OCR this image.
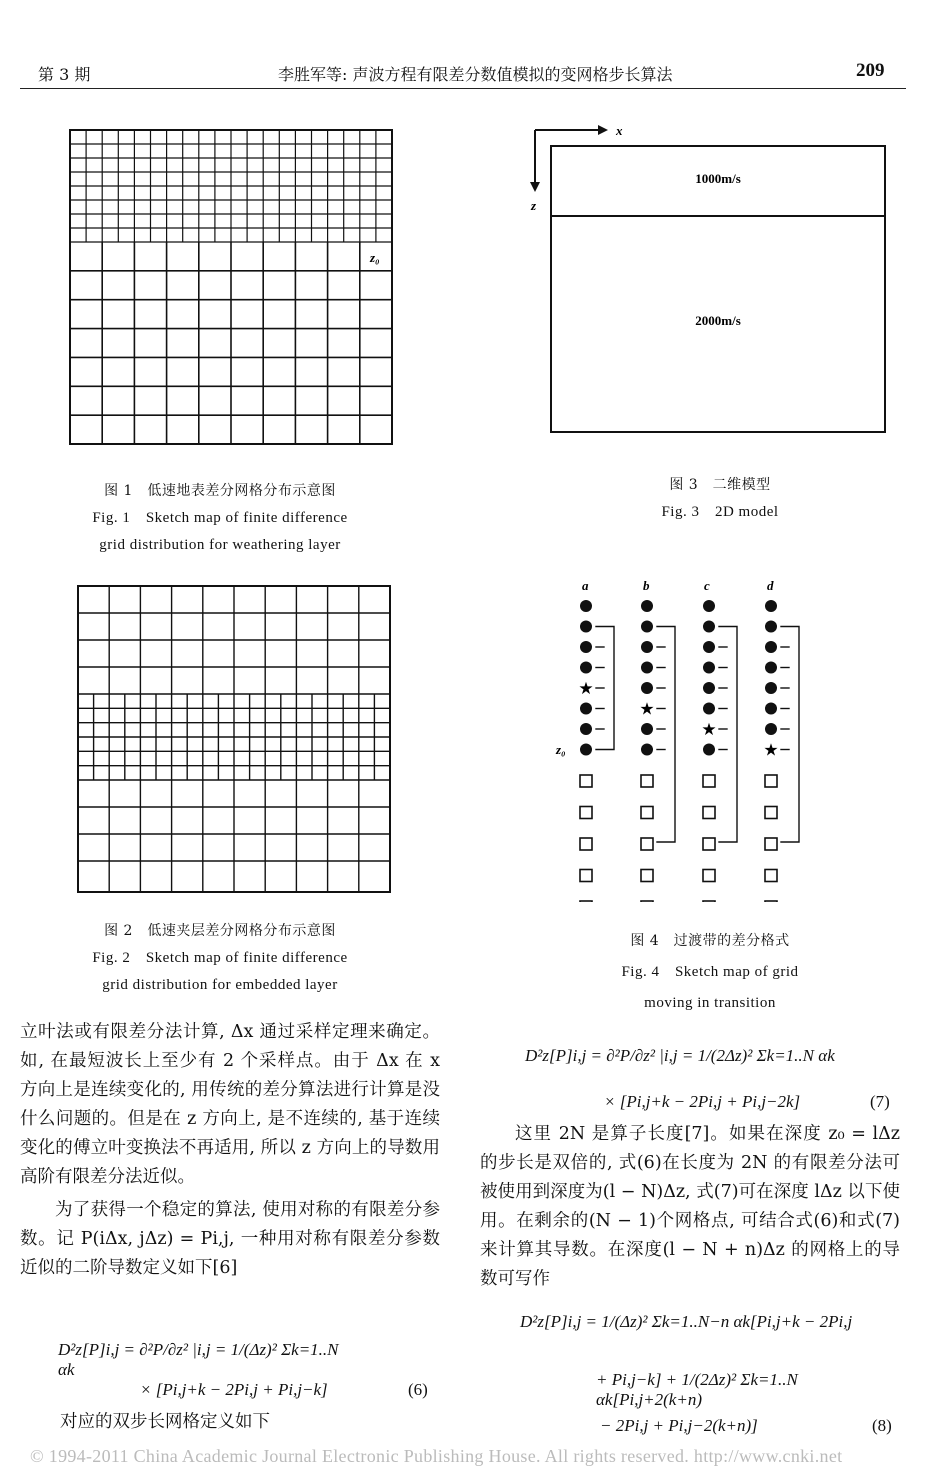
第 3 期	李胜军等: 声波方程有限差分数值模拟的变网格步长算法	209
z₀
图 1　低速地表差分网格分布示意图
Fig. 1　Sketch map of finite difference
grid distribution for weathering layer
图 2　低速夹层差分网格分布示意图
Fig. 2　Sketch map of finite difference
grid distribution for embedded layer
x
z
1000m/s
2000m/s
图 3　二维模型
Fig. 3　2D model
★
★
★
★
a	b	c	d
z₀
图 4　过渡带的差分格式
Fig. 4　Sketch map of grid
moving in transition

立叶法或有限差分法计算, Δx 通过采样定理来确定。如, 在最短波长上至少有 2 个采样点。由于 Δx 在 x 方向上是连续变化的, 用传统的差分算法进行计算是没什么问题的。但是在 z 方向上, 是不连续的, 基于连续变化的傅立叶变换法不再适用, 所以 z 方向上的导数用高阶有限差分法近似。

为了获得一个稳定的算法, 使用对称的有限差分参数。记 P(iΔx, jΔz) = Pi,j, 一种用对称有限差分参数近似的二阶导数定义如下[6]

D²z[P]i,j = ∂²P/∂z² |i,j = 1/(Δz)² Σk=1..N αk
× [Pi,j+k − 2Pi,j + Pi,j−k]	(6)
对应的双步长网格定义如下
D²z[P]i,j = ∂²P/∂z² |i,j = 1/(2Δz)² Σk=1..N αk
× [Pi,j+k − 2Pi,j + Pi,j−2k]	(7)

这里 2N 是算子长度[7]。如果在深度 z₀ = lΔz 的步长是双倍的, 式(6)在长度为 2N 的有限差分法可被使用到深度为(l − N)Δz, 式(7)可在深度 lΔz 以下使用。在剩余的(N − 1)个网格点, 可结合式(6)和式(7)来计算其导数。在深度(l − N + n)Δz 的网格上的导数可写作

D²z[P]i,j = 1/(Δz)² Σk=1..N−n αk[Pi,j+k − 2Pi,j
+ Pi,j−k] + 1/(2Δz)² Σk=1..N αk[Pi,j+2(k+n)
− 2Pi,j + Pi,j−2(k+n)]	(8)
© 1994-2011 China Academic Journal Electronic Publishing House. All rights reserved. http://www.cnki.net
